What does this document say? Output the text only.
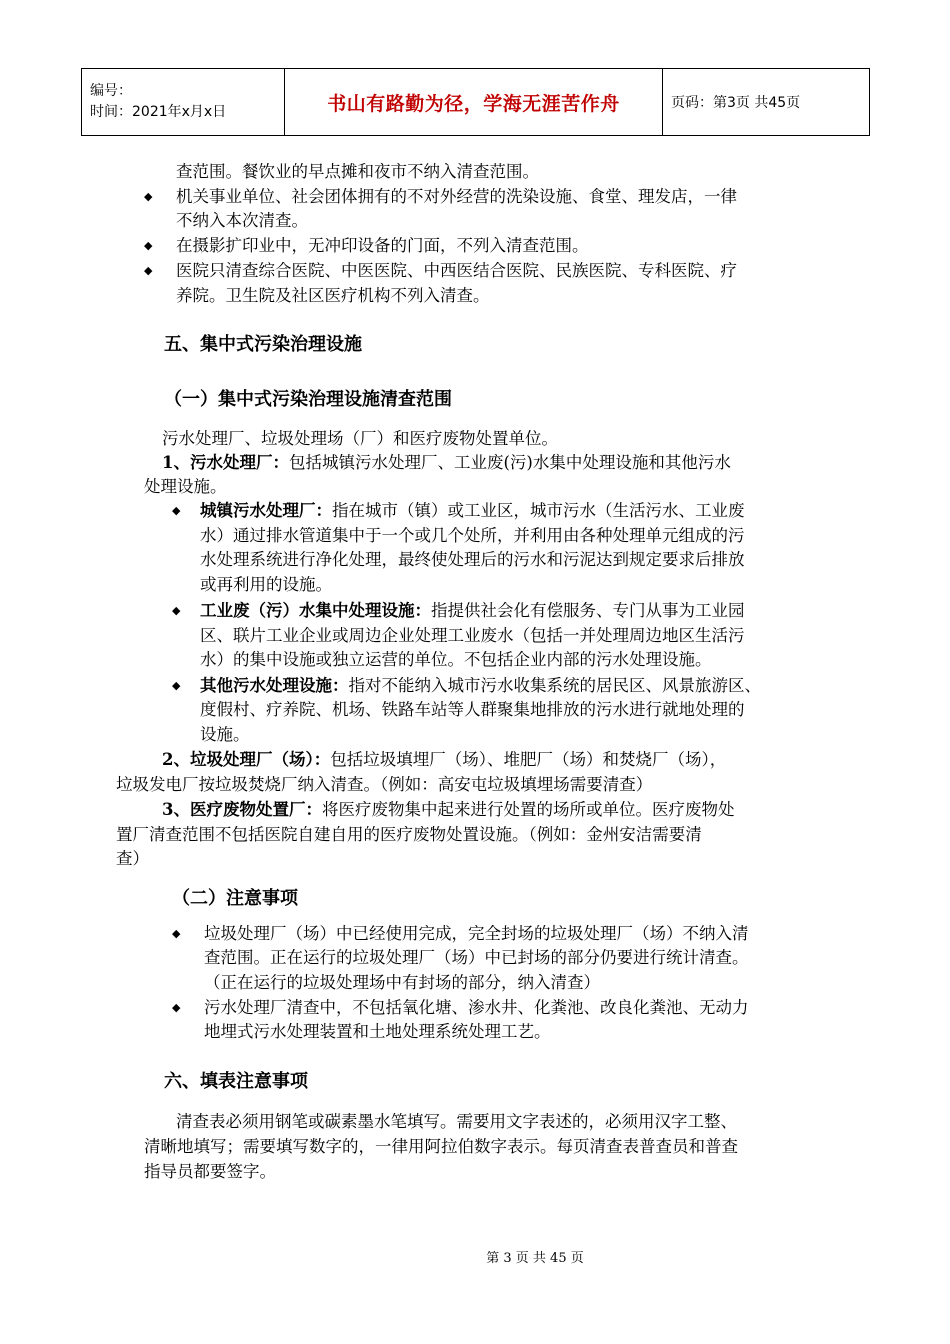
编号：
时间：2021年x月x日	书山有路勤为径，学海无涯苦作舟	页码：第3页 共45页
查范围。餐饮业的早点摊和夜市不纳入清查范围。
◆ 机关事业单位、社会团体拥有的不对外经营的洗染设施、食堂、理发店，一律
不纳入本次清查。
◆ 在摄影扩印业中，无冲印设备的门面，不列入清查范围。
◆ 医院只清查综合医院、中医医院、中西医结合医院、民族医院、专科医院、疗
养院。卫生院及社区医疗机构不列入清查。
五、集中式污染治理设施
（一）集中式污染治理设施清查范围
污水处理厂、垃圾处理场（厂）和医疗废物处置单位。
1、污水处理厂：包括城镇污水处理厂、工业废(污)水集中处理设施和其他污水
处理设施。
◆ 城镇污水处理厂：指在城市（镇）或工业区，城市污水（生活污水、工业废
水）通过排水管道集中于一个或几个处所，并利用由各种处理单元组成的污
水处理系统进行净化处理，最终使处理后的污水和污泥达到规定要求后排放
或再利用的设施。
◆ 工业废（污）水集中处理设施：指提供社会化有偿服务、专门从事为工业园
区、联片工业企业或周边企业处理工业废水（包括一并处理周边地区生活污
水）的集中设施或独立运营的单位。不包括企业内部的污水处理设施。
◆ 其他污水处理设施：指对不能纳入城市污水收集系统的居民区、风景旅游区、
度假村、疗养院、机场、铁路车站等人群聚集地排放的污水进行就地处理的
设施。
2、垃圾处理厂（场）：包括垃圾填埋厂（场）、堆肥厂（场）和焚烧厂（场），
垃圾发电厂按垃圾焚烧厂纳入清查。（例如：高安屯垃圾填埋场需要清查）
3、医疗废物处置厂：将医疗废物集中起来进行处置的场所或单位。医疗废物处
置厂清查范围不包括医院自建自用的医疗废物处置设施。（例如：金州安洁需要清
查）
（二）注意事项
◆ 垃圾处理厂（场）中已经使用完成，完全封场的垃圾处理厂（场）不纳入清
查范围。正在运行的垃圾处理厂（场）中已封场的部分仍要进行统计清查。
（正在运行的垃圾处理场中有封场的部分，纳入清查）
◆ 污水处理厂清查中，不包括氧化塘、渗水井、化粪池、改良化粪池、无动力
地埋式污水处理装置和土地处理系统处理工艺。
六、填表注意事项
清查表必须用钢笔或碳素墨水笔填写。需要用文字表述的，必须用汉字工整、
清晰地填写；需要填写数字的，一律用阿拉伯数字表示。每页清查表普查员和普查
指导员都要签字。
第 3 页 共 45 页
